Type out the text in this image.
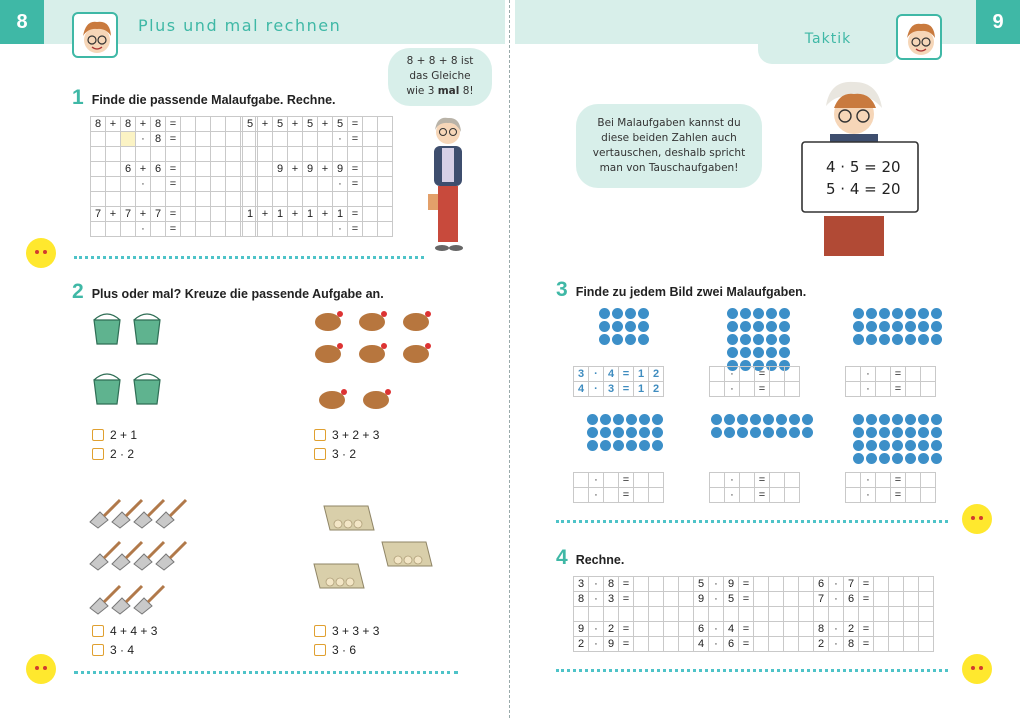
8	9
Plus und mal rechnen
Taktik
1 Finde die passende Malaufgabe. Rechne.
8	+	8	+	8	=					
			·	8	=					

		6	+	6	=					
			·		=					

7	+	7	+	7	=					
			·		=					
5	+	5	+	5	+	5	=		
						·	=		

		9	+	9	+	9	=		
						·	=		

1	+	1	+	1	+	1	=		
						·	=		
8 + 8 + 8 ist
das Gleiche
wie 3 mal 8!
2 Plus oder mal? Kreuze die passende Aufgabe an.
2 + 1
2 · 2
3 + 2 + 3
3 · 2
4 + 4 + 3
3 · 4
3 + 3 + 3
3 · 6
Bei Malaufgaben kannst du
diese beiden Zahlen auch
vertauschen, deshalb spricht
man von Tauschaufgaben!	4 · 5 = 20
5 · 4 = 20
3 Finde zu jedem Bild zwei Malaufgaben.
3	·	4	=	1	2
4	·	3	=	1	2
	·		=		
	·		=		
	·		=		
	·		=		
	·		=		
	·		=		
	·		=		
	·		=		
	·		=		
	·		=		
4 Rechne.
3	·	8	=					5	·	9	=					6	·	7	=				
8	·	3	=					9	·	5	=					7	·	6	=				

9	·	2	=					6	·	4	=					8	·	2	=				
2	·	9	=					4	·	6	=					2	·	8	=				
